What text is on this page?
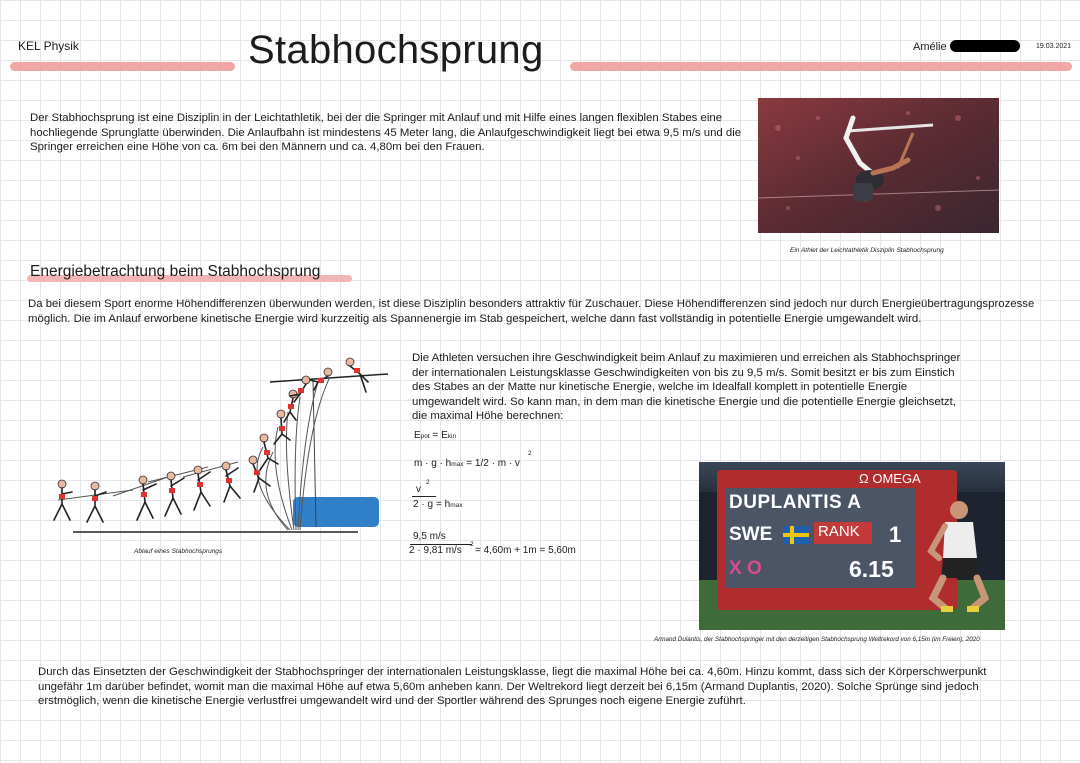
KEL Physik	Stabhochsprung	Amélie	19.03.2021
Der Stabhochsprung ist eine Disziplin in der Leichtathletik, bei der die Springer mit Anlauf und mit Hilfe eines langen flexiblen Stabes eine hochliegende Sprunglatte überwinden. Die Anlaufbahn ist mindestens 45 Meter lang, die Anlaufgeschwindigkeit liegt bei etwa 9,5 m/s und die Springer erreichen eine Höhe von ca. 6m bei den Männern und ca. 4,80m bei den Frauen.
Ein Athlet der Leichtathletik Disziplin Stabhochsprung
Energiebetrachtung beim Stabhochsprung
Da bei diesem Sport enorme Höhendifferenzen überwunden werden, ist diese Disziplin besonders attraktiv für Zuschauer. Diese Höhendifferenzen sind jedoch nur durch Energieübertragungsprozesse möglich. Die im Anlauf erworbene kinetische Energie wird kurzzeitig als Spannenergie im Stab gespeichert, welche dann fast vollständig in potentielle Energie umgewandelt wird.
Ablauf eines Stabhochsprungs
Die Athleten versuchen ihre Geschwindigkeit beim Anlauf zu maximieren und erreichen als Stabhochspringer der internationalen Leistungsklasse Geschwindigkeiten von bis zu 9,5 m/s. Somit besitzt er bis zum Einstich des Stabes an der Matte nur kinetische Energie, welche im Idealfall komplett in potentielle Energie umgewandelt wird. So kann man, in dem man die kinetische Energie und die potentielle Energie gleichsetzt, die maximal Höhe berechnen:
Epot = Ekin
m · g · hmax = 1/2 · m · v
2
v
2
2 · g = hmax
9,5 m/s
2 · 9,81 m/s
2
= 4,60m + 1m = 5,60m
Ω OMEGA
DUPLANTIS A
SWE	RANK	1
X O	6.15
Armand Dulantis, der Stabhochspringer mit den derzeitigen Stabhochsprung Weltrekord von 6,15m (im Freien), 2020
Durch das Einsetzten der Geschwindigkeit der Stabhochspringer der internationalen Leistungsklasse, liegt die maximal Höhe bei ca. 4,60m. Hinzu kommt, dass sich der Körperschwerpunkt ungefähr 1m darüber befindet, womit man die maximal Höhe auf etwa 5,60m anheben kann. Der Weltrekord liegt derzeit bei 6,15m (Armand Duplantis, 2020). Solche Sprünge sind jedoch erstmöglich, wenn die kinetische Energie verlustfrei umgewandelt wird und der Sportler während des Sprunges noch eigene Energie zuführt.
